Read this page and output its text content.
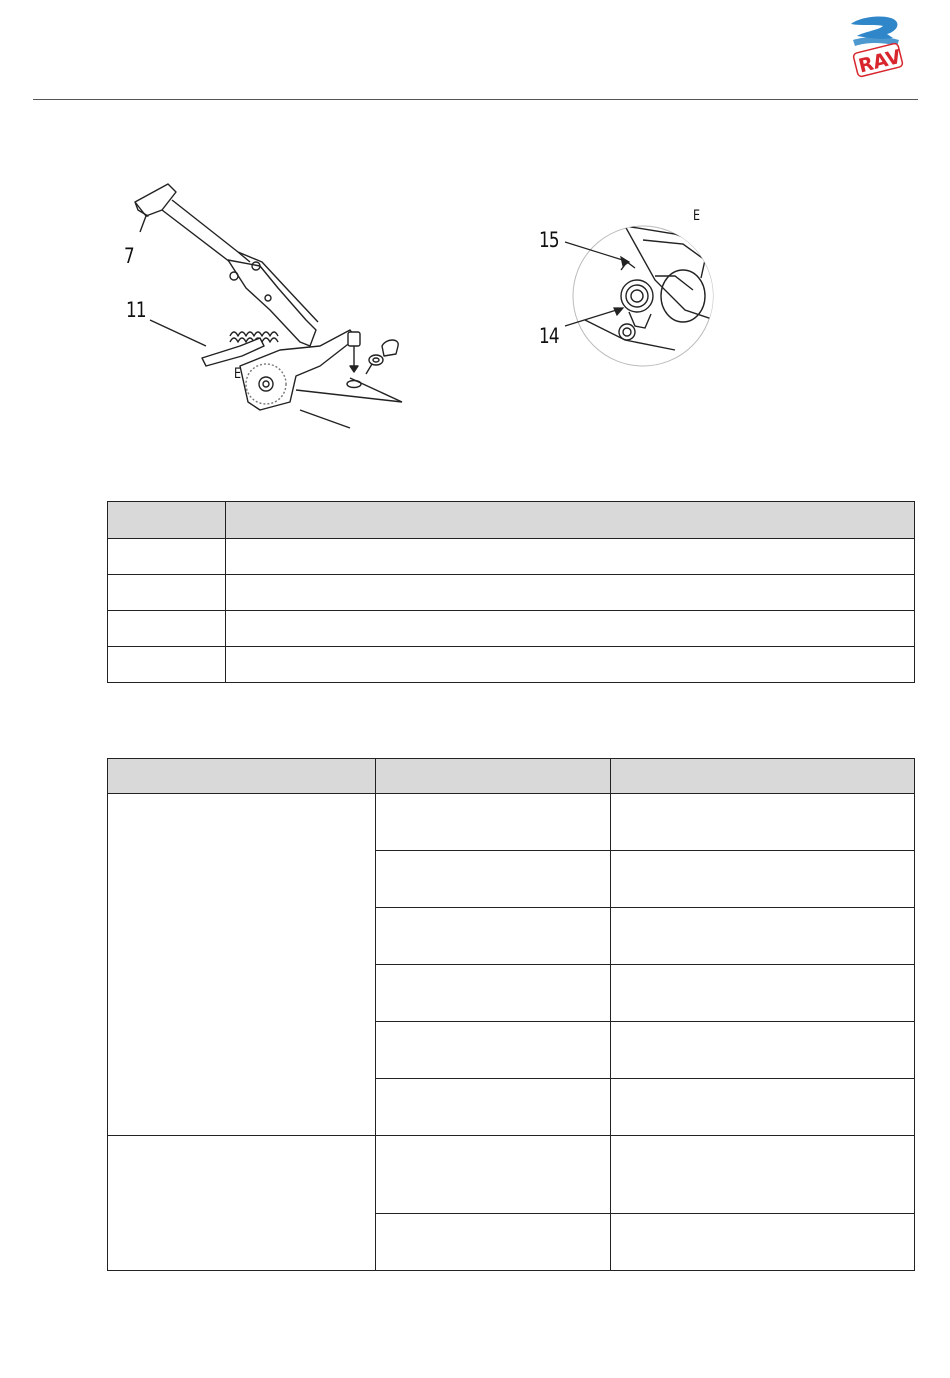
RAV
7
11
E
E
15
14
